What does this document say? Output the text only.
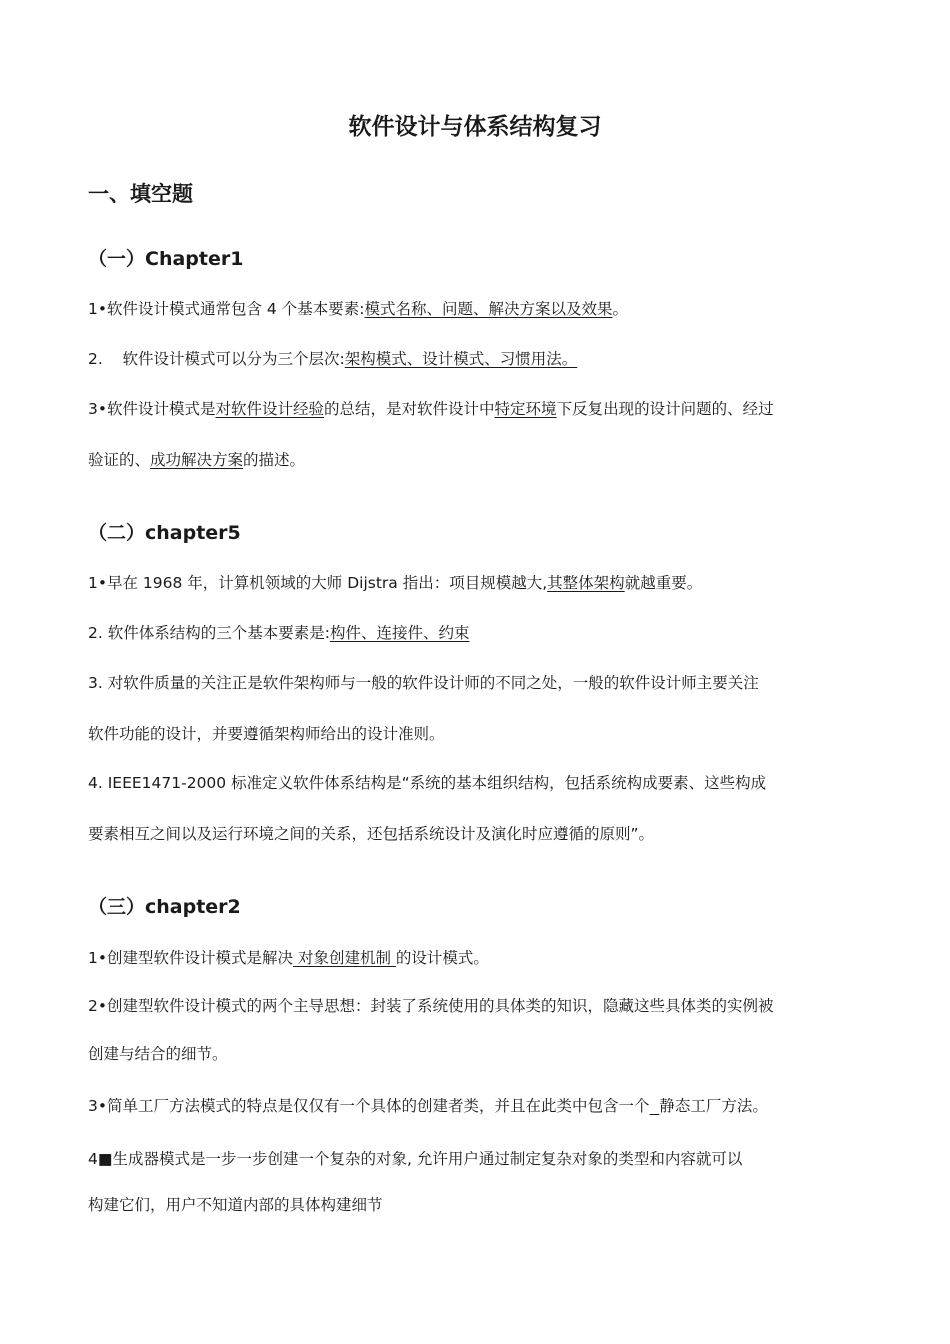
软件设计与体系结构复习
一、填空题
（一）Chapter1
1•软件设计模式通常包含 4 个基本要素:模式名称、问题、解决方案以及效果。
2.    软件设计模式可以分为三个层次:架构模式、设计模式、习惯用法。
3•软件设计模式是对软件设计经验的总结，是对软件设计中特定环境下反复出现的设计问题的、经过
验证的、成功解决方案的描述。
（二）chapter5
1•早在 1968 年，计算机领域的大师 Dijstra 指出：项目规模越大,其整体架构就越重要。
2. 软件体系结构的三个基本要素是:构件、连接件、约束
3. 对软件质量的关注正是软件架构师与一般的软件设计师的不同之处，一般的软件设计师主要关注
软件功能的设计，并要遵循架构师给出的设计准则。
4. IEEE1471-2000 标准定义软件体系结构是“系统的基本组织结构，包括系统构成要素、这些构成
要素相互之间以及运行环境之间的关系，还包括系统设计及演化时应遵循的原则”。
（三）chapter2
1•创建型软件设计模式是解决 对象创建机制 的设计模式。
2•创建型软件设计模式的两个主导思想：封装了系统使用的具体类的知识，隐藏这些具体类的实例被
创建与结合的细节。
3•简单工厂方法模式的特点是仅仅有一个具体的创建者类，并且在此类中包含一个 静态工厂方法。
4■生成器模式是一步一步创建一个复杂的对象, 允许用户通过制定复杂对象的类型和内容就可以
构建它们，用户不知道内部的具体构建细节
